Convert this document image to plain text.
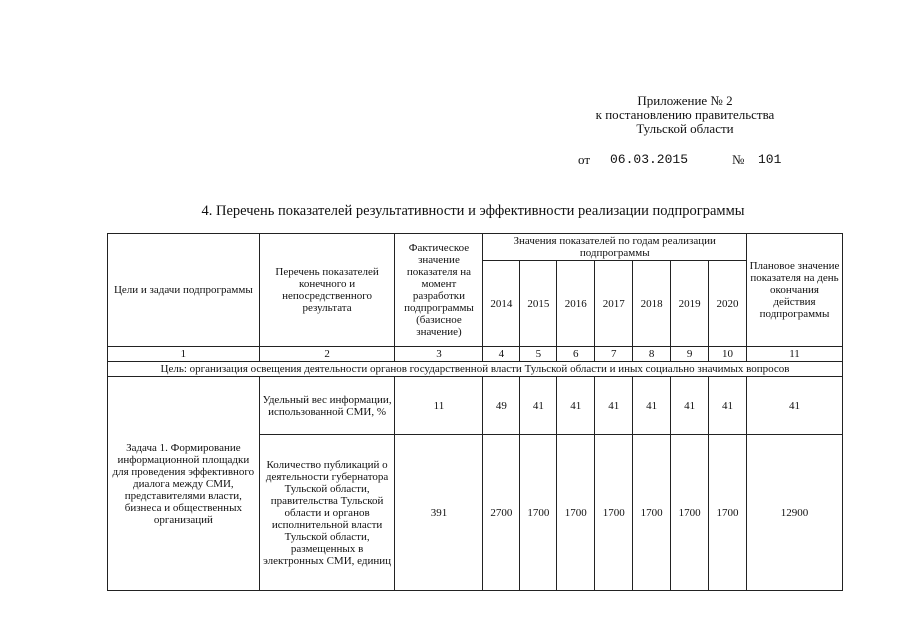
Приложение № 2
к постановлению правительства
Тульской области
от 06.03.2015	№ 101
4. Перечень показателей результативности и эффективности реализации подпрограммы
Цели и задачи подпрограммы	Перечень показателей конечного и непосредственного результата	Фактическое значение показателя на момент разработки подпрограммы (базисное значение)	Значения показателей по годам реализации подпрограммы							Плановое значение показателя на день окончания действия подпрограммы
			2014	2015	2016	2017	2018	2019	2020	
1	2	3	4	5	6	7	8	9	10	11
Цель: организация освещения деятельности органов государственной власти Тульской области и иных социально значимых вопросов										
Задача 1. Формирование информационной площадки для проведения эффективного диалога между СМИ, представителями власти, бизнеса и общественных организаций	Удельный вес информации, использованной СМИ, %	11	49	41	41	41	41	41	41	41
	Количество публикаций о деятельности губернатора Тульской области, правительства Тульской области и органов исполнительной власти Тульской области, размещенных в электронных СМИ, единиц	391	2700	1700	1700	1700	1700	1700	1700	12900
